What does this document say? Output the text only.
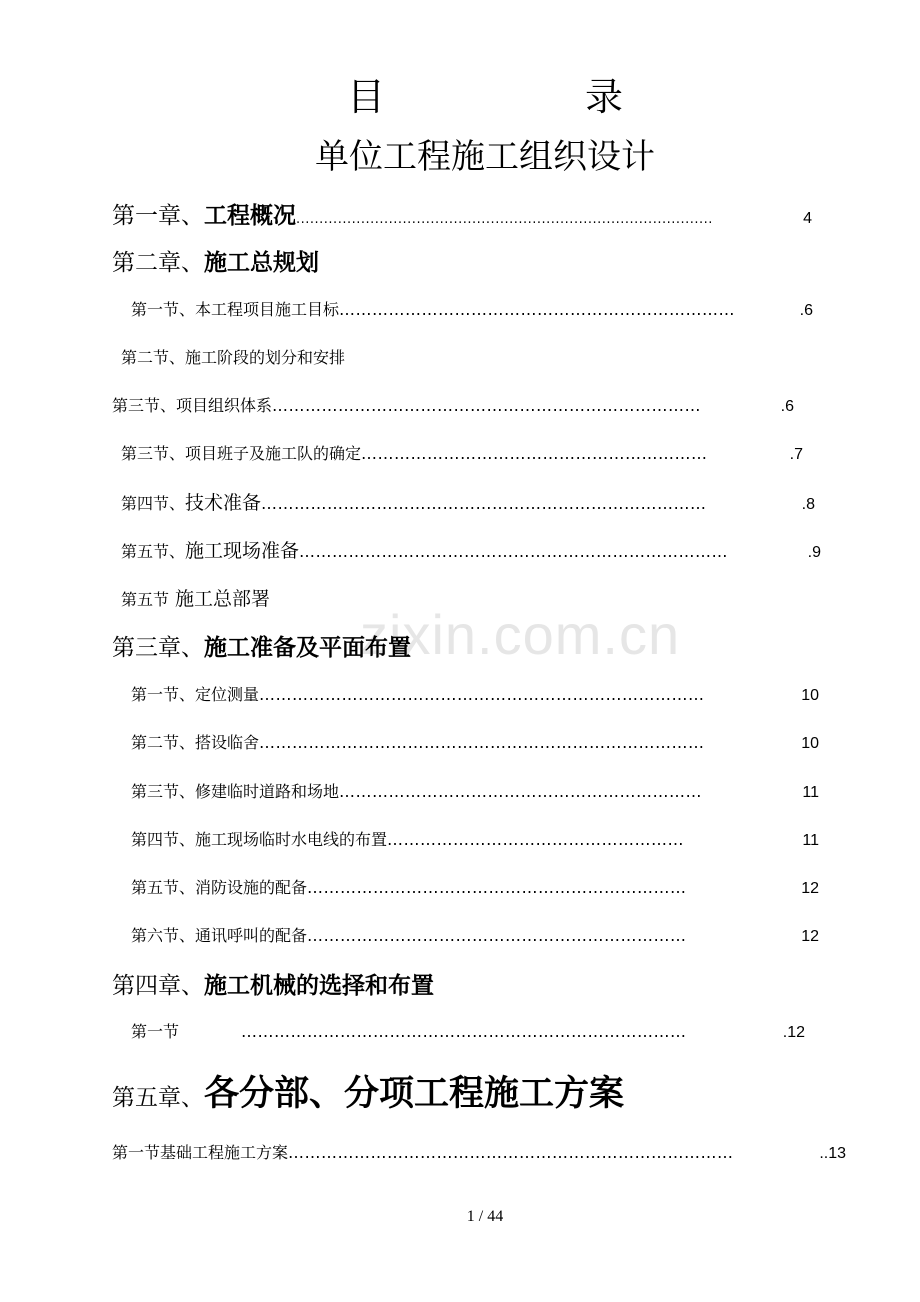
zixin.com.cn
目	录
单位工程施工组织设计
第一章、 工程概况 ..........................................................................................	4
第二章、 施工总规划
第一节、本工程项目施工目标 ………………………………………………………………	.6
第二节、施工阶段的划分和安排
第三节、项目组织体系 ……………………………………………………………………	.6
第三节、项目班子及施工队的确定 ………………………………………………………	.7
第四节、 技术准备 ………………………………………………………………………	.8
第五节、 施工现场准备 ……………………………………………………………………	.9
第五节 施工总部署
第三章、 施工准备及平面布置
第一节、定位测量 ………………………………………………………………………	10
第二节、搭设临舍 ………………………………………………………………………	10
第三节、修建临时道路和场地 …………………………………………………………	11
第四节、施工现场临时水电线的布置 ………………………………………………	11
第五节、消防设施的配备 ……………………………………………………………	12
第六节、通讯呼叫的配备 ……………………………………………………………	12
第四章、 施工机械的选择和布置
第一节	………………………………………………………………………	.12
第五章、 各分部、分项工程施工方案
第一节基础工程施工方案 ………………………………………………………………………	..13
1 / 44
